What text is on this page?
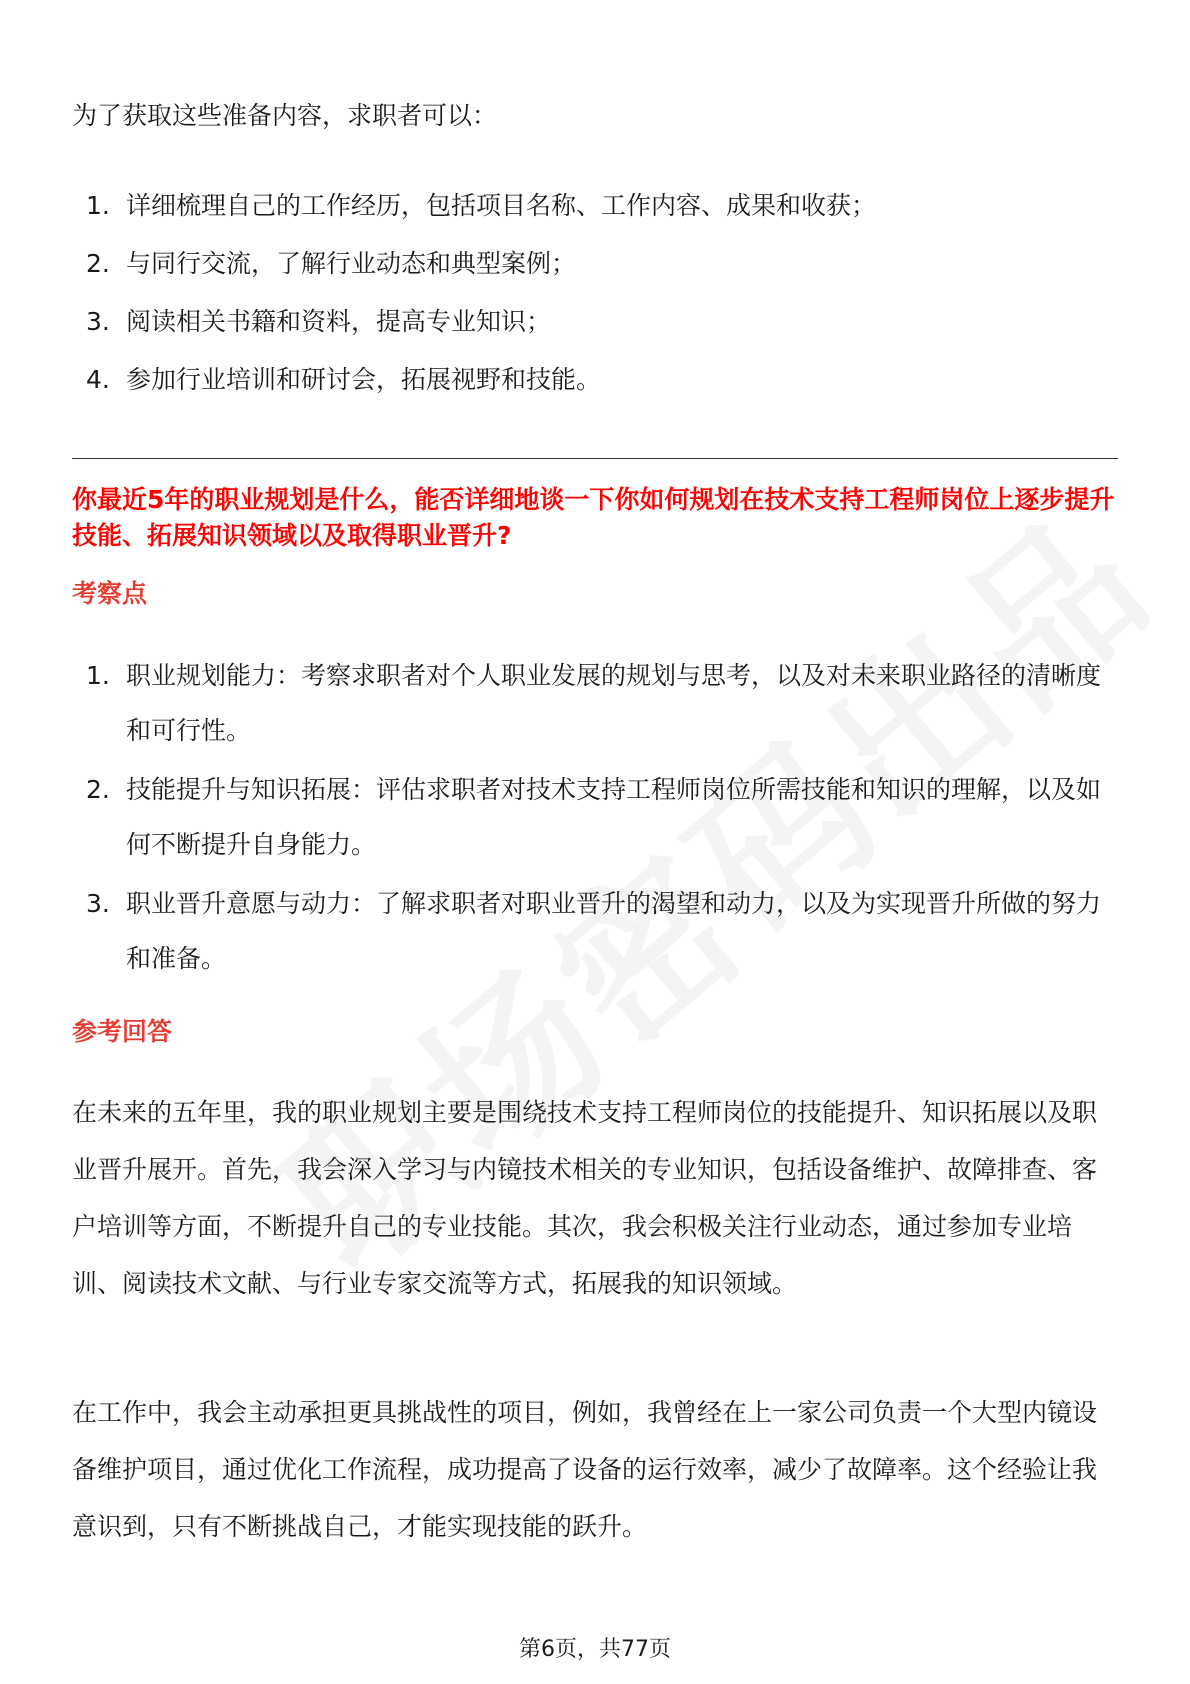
为了获取这些准备内容，求职者可以：
1. 详细梳理自己的工作经历，包括项目名称、工作内容、成果和收获；
2. 与同行交流，了解行业动态和典型案例；
3. 阅读相关书籍和资料，提高专业知识；
4. 参加行业培训和研讨会，拓展视野和技能。
你最近5年的职业规划是什么，能否详细地谈一下你如何规划在技术支持工程师岗位上逐步提升技能、拓展知识领域以及取得职业晋升?
考察点
1. 职业规划能力：考察求职者对个人职业发展的规划与思考，以及对未来职业路径的清晰度和可行性。
2. 技能提升与知识拓展：评估求职者对技术支持工程师岗位所需技能和知识的理解，以及如何不断提升自身能力。
3. 职业晋升意愿与动力：了解求职者对职业晋升的渴望和动力，以及为实现晋升所做的努力和准备。
参考回答
在未来的五年里，我的职业规划主要是围绕技术支持工程师岗位的技能提升、知识拓展以及职业晋升展开。首先，我会深入学习与内镜技术相关的专业知识，包括设备维护、故障排查、客户培训等方面，不断提升自己的专业技能。其次，我会积极关注行业动态，通过参加专业培训、阅读技术文献、与行业专家交流等方式，拓展我的知识领域。
在工作中，我会主动承担更具挑战性的项目，例如，我曾经在上一家公司负责一个大型内镜设备维护项目，通过优化工作流程，成功提高了设备的运行效率，减少了故障率。这个经验让我意识到，只有不断挑战自己，才能实现技能的跃升。
第6页，共77页
